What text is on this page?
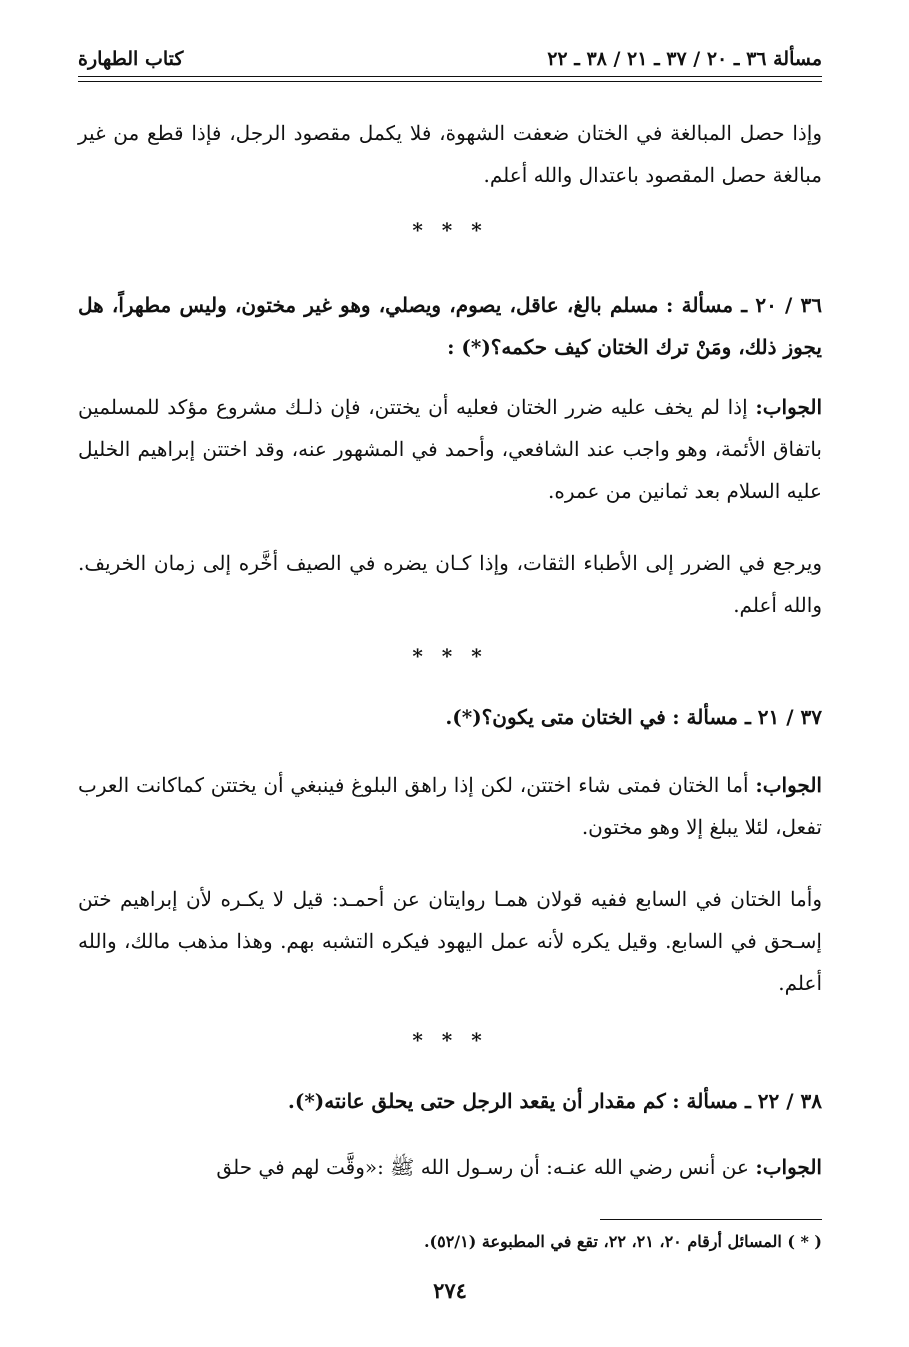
مسألة ٣٦ ـ ٢٠ / ٣٧ ـ ٢١ / ٣٨ ـ ٢٢
كتاب الطهارة
وإذا حصل المبالغة في الختان ضعفت الشهوة، فلا يكمل مقصود الرجل، فإذا قطع من غير مبالغة حصل المقصود باعتدال والله أعلم.
* * *
٣٦ / ٢٠ ـ مسألة : مسلم بالغ، عاقل، يصوم، ويصلي، وهو غير مختون، وليس مطهراً، هل يجوز ذلك، ومَنْ ترك الختان كيف حكمه؟(*) :
الجواب: إذا لم يخف عليه ضرر الختان فعليه أن يختتن، فإن ذلـك مشروع مؤكد للمسلمين باتفاق الأئمة، وهو واجب عند الشافعي، وأحمد في المشهور عنه، وقد اختتن إبراهيم الخليل عليه السلام بعد ثمانين من عمره.
ويرجع في الضرر إلى الأطباء الثقات، وإذا كـان يضره في الصيف أخَّره إلى زمان الخريف. والله أعلم.
* * *
٣٧ / ٢١ ـ مسألة : في الختان متى يكون؟(*).
الجواب: أما الختان فمتى شاء اختتن، لكن إذا راهق البلوغ فينبغي أن يختتن كماكانت العرب تفعل، لئلا يبلغ إلا وهو مختون.
وأما الختان في السابع ففيه قولان همـا روايتان عن أحمـد: قيل لا يكـره لأن إبراهيم ختن إسـحق في السابع. وقيل يكره لأنه عمل اليهود فيكره التشبه بهم. وهذا مذهب مالك، والله أعلم.
* * *
٣٨ / ٢٢ ـ مسألة : كم مقدار أن يقعد الرجل حتى يحلق عانته(*).
الجواب: عن أنس رضي الله عنـه: أن رسـول الله ﷺ :«وقَّت لهم في حلق
( * ) المسائل أرقام ٢٠، ٢١، ٢٢، تقع في المطبوعة (٥٢/١).
٢٧٤
